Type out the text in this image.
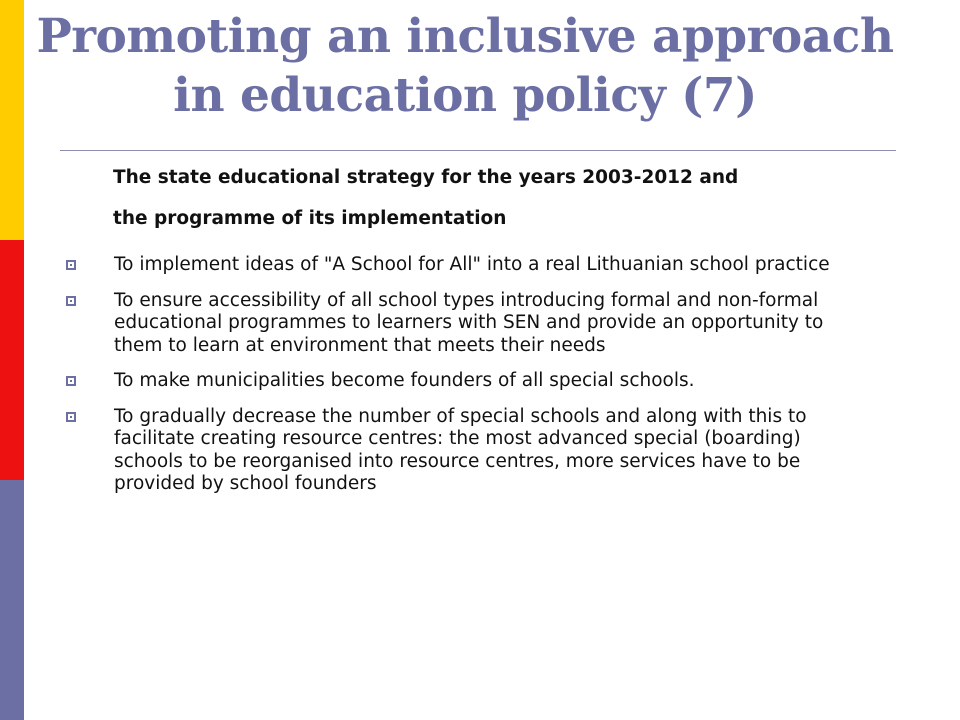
Promoting an inclusive approach in education policy (7)
The state educational strategy for the years 2003-2012 and
the programme of its implementation
To implement ideas of "A School for All" into a real Lithuanian school practice
To ensure accessibility of all school types introducing formal and non-formal educational programmes to learners with SEN and provide an opportunity to them to learn at environment that meets their needs
To make municipalities become founders of all special schools.
To gradually decrease the number of special schools and along with this to facilitate creating resource centres: the most advanced special (boarding) schools to be reorganised into resource centres, more services have to be provided by school founders
